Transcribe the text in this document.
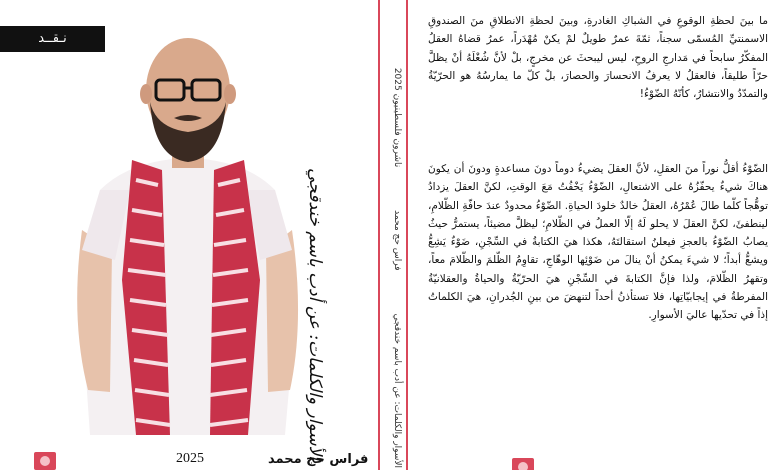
نـقــد
الأسوار والكلمات: عن أدب باسم خندقجي
2025	فراس حج محمد	الأسوار والكلمات: عن أدب باسم خندقجي فراس حج محمد ناشرون فلسطينيون 2025
ما بينَ لحظةِ الوقوعِ في الشباكِ الغادرةِ، وبينَ لحظةِ الانطلاقِ منَ الصندوقِ الاسمنتيِّ المُسمّى سجناً، ثمّةَ عمرٌ طويلٌ لمْ يكنْ مُهْدَراً، عمرُ قضاهُ العقلُ المفكّرُ سابحاً في مَدارجِ الروحِ، ليس ليبحثَ عن مخرجٍ، بلْ لأنَّ شُغْلَهُ أنْ يظلَّ حرّاً طليقاً، فالعقلُ لا يعرفُ الانحسارَ والحصارَ، بلْ كلّ ما يمارسُهُ هو الحرّيّةُ والتمدّدُ والانتشارُ، كأنّهُ الضّوْءُ!
الضّوْءُ أقلُّ نوراً منَ العقلِ، لأنَّ العقلَ يضيءُ دوماً دونَ مساعدةٍ ودونَ أن يكونَ هناكَ شيءٌ يحفّزُهُ على الاشتعالِ، الضّوْءُ يَخْفُتُ مَعَ الوقتِ، لكنَّ العقلَ يزدادُ توهُّجاً كلّما طالَ عُمْرُهُ، العقلُ خالدٌ خلودَ الحياةِ. الضّوْءُ محدودٌ عندَ حافّةِ الظّلامِ، لينطفئَ، لكنَّ العقلَ لا يحلو لَهُ إلّا العملُ في الظّلامِ؛ ليظلَّ مضيئاً، يستمرُّ حيثُ يصابُ الضّوْءُ بالعجزِ فيعلنُ استقالتَهُ، هكذا هيَ الكتابةُ في السِّجْنِ، ضَوْءٌ يَشِعُّ ويشعُّ أبداً؛ لا شيءَ يمكنُ أنْ ينالَ من ضَوْئِها الوهّاجِ، تقاوِمُ الظّلمَ والظّلامَ معاً، وتقهرُ الظّلامَ، ولذا فإنَّ الكتابةَ في السِّجْنِ هيَ الحرّيّةُ والحياةُ والعقلانيّةُ المفرطةُ في إيجابيّاتِها، فلا تستأذنُ أحداً لتنهضَ من بينِ الجُدرانِ، هيَ الكلماتُ إذاً في تحدّيها عاليَ الأسوارِ.
